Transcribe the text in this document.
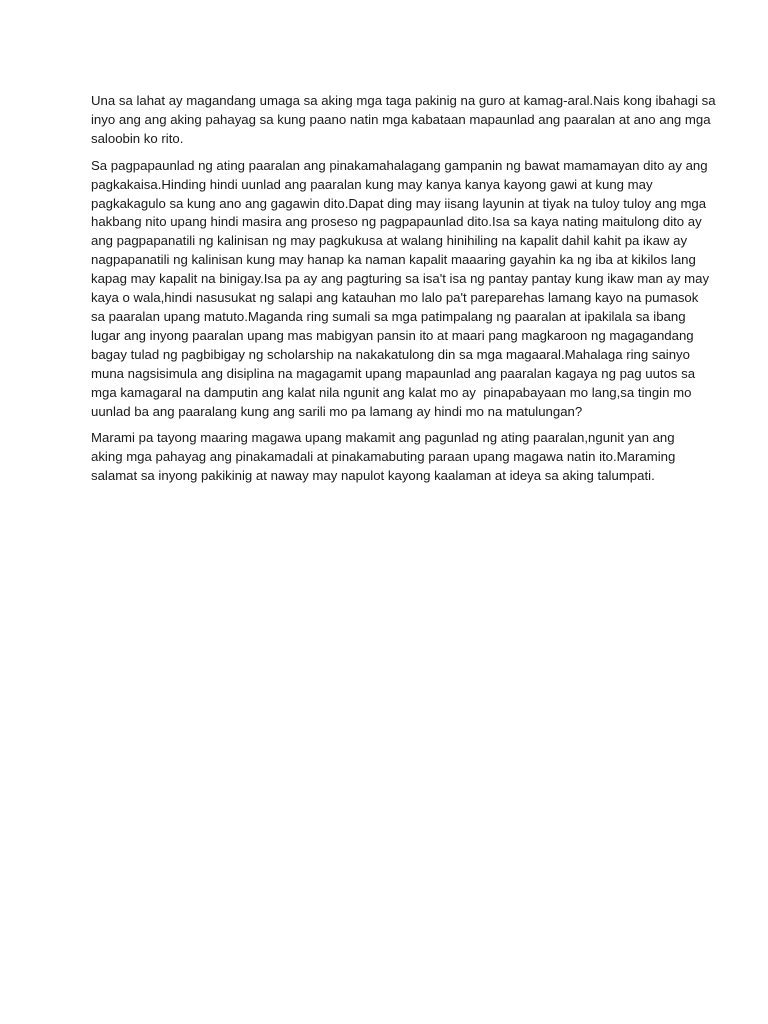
Una sa lahat ay magandang umaga sa aking mga taga pakinig na guro at kamag-aral.Nais kong ibahagi sa
inyo ang ang aking pahayag sa kung paano natin mga kabataan mapaunlad ang paaralan at ano ang mga
saloobin ko rito.

Sa pagpapaunlad ng ating paaralan ang pinakamahalagang gampanin ng bawat mamamayan dito ay ang
pagkakaisa.Hinding hindi uunlad ang paaralan kung may kanya kanya kayong gawi at kung may
pagkakagulo sa kung ano ang gagawin dito.Dapat ding may iisang layunin at tiyak na tuloy tuloy ang mga
hakbang nito upang hindi masira ang proseso ng pagpapaunlad dito.Isa sa kaya nating maitulong dito ay
ang pagpapanatili ng kalinisan ng may pagkukusa at walang hinihiling na kapalit dahil kahit pa ikaw ay
nagpapanatili ng kalinisan kung may hanap ka naman kapalit maaaring gayahin ka ng iba at kikilos lang
kapag may kapalit na binigay.Isa pa ay ang pagturing sa isa't isa ng pantay pantay kung ikaw man ay may
kaya o wala,hindi nasusukat ng salapi ang katauhan mo lalo pa't pareparehas lamang kayo na pumasok
sa paaralan upang matuto.Maganda ring sumali sa mga patimpalang ng paaralan at ipakilala sa ibang
lugar ang inyong paaralan upang mas mabigyan pansin ito at maari pang magkaroon ng magagandang
bagay tulad ng pagbibigay ng scholarship na nakakatulong din sa mga magaaral.Mahalaga ring sainyo
muna nagsisimula ang disiplina na magagamit upang mapaunlad ang paaralan kagaya ng pag uutos sa
mga kamagaral na damputin ang kalat nila ngunit ang kalat mo ay  pinapabayaan mo lang,sa tingin mo
uunlad ba ang paaralang kung ang sarili mo pa lamang ay hindi mo na matulungan?

Marami pa tayong maaring magawa upang makamit ang pagunlad ng ating paaralan,ngunit yan ang
aking mga pahayag ang pinakamadali at pinakamabuting paraan upang magawa natin ito.Maraming
salamat sa inyong pakikinig at naway may napulot kayong kaalaman at ideya sa aking talumpati.
